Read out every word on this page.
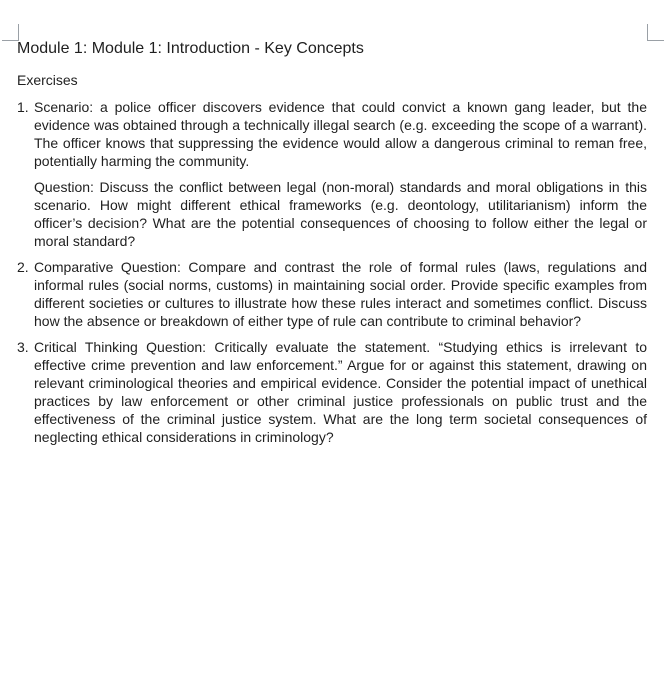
Module 1: Module 1: Introduction - Key Concepts
Exercises
1. Scenario: a police officer discovers evidence that could convict a known gang leader, but the evidence was obtained through a technically illegal search (e.g. exceeding the scope of a warrant). The officer knows that suppressing the evidence would allow a dangerous criminal to reman free, potentially harming the community.

Question: Discuss the conflict between legal (non-moral) standards and moral obligations in this scenario. How might different ethical frameworks (e.g. deontology, utilitarianism) inform the officer’s decision? What are the potential consequences of choosing to follow either the legal or moral standard?

2. Comparative Question: Compare and contrast the role of formal rules (laws, regulations and informal rules (social norms, customs) in maintaining social order. Provide specific examples from different societies or cultures to illustrate how these rules interact and sometimes conflict. Discuss how the absence or breakdown of either type of rule can contribute to criminal behavior?

3. Critical Thinking Question: Critically evaluate the statement. “Studying ethics is irrelevant to effective crime prevention and law enforcement.” Argue for or against this statement, drawing on relevant criminological theories and empirical evidence. Consider the potential impact of unethical practices by law enforcement or other criminal justice professionals on public trust and the effectiveness of the criminal justice system. What are the long term societal consequences of neglecting ethical considerations in criminology?
